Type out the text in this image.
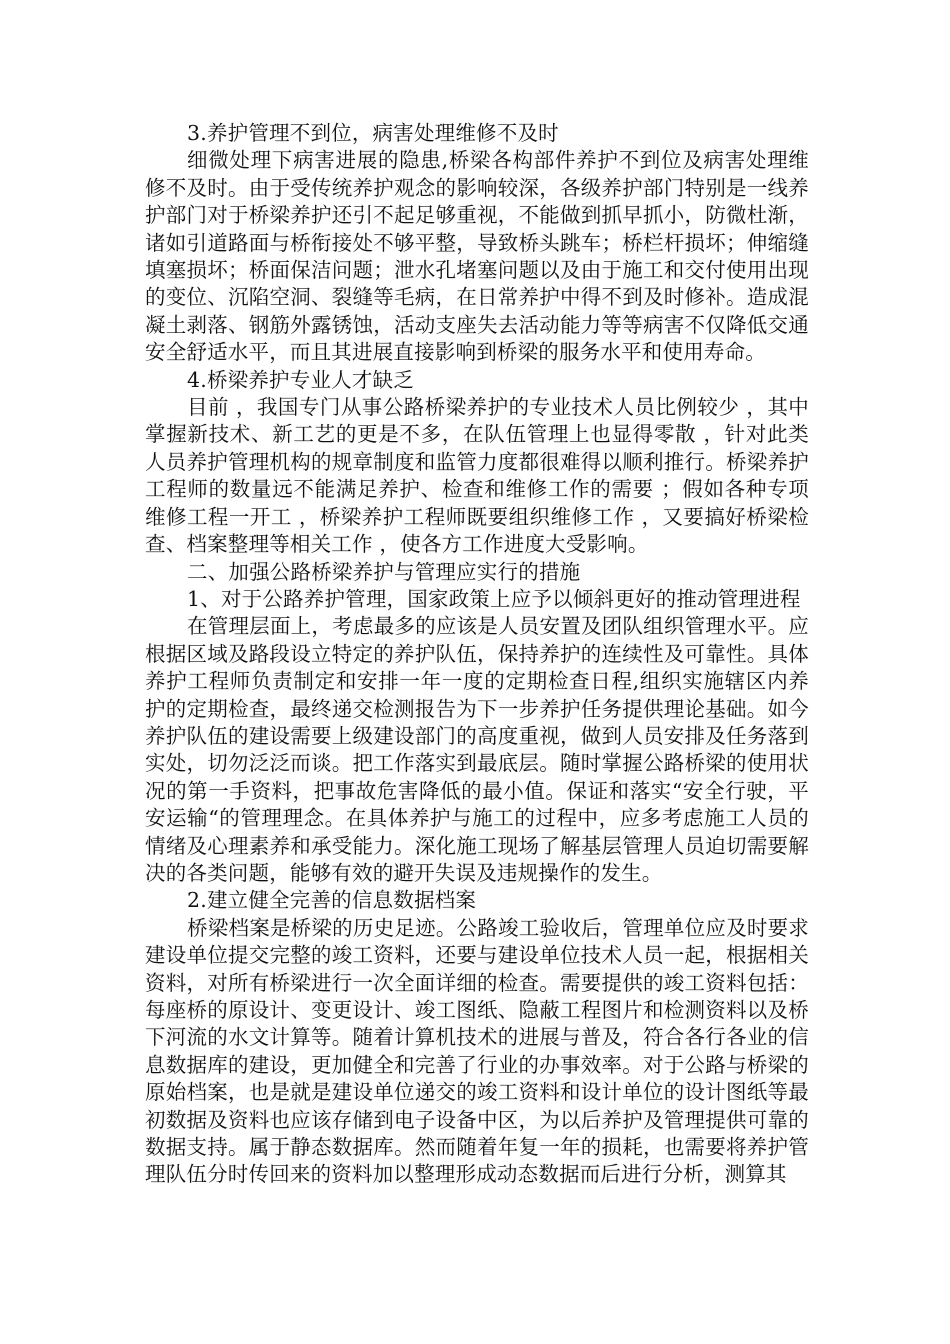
3.养护管理不到位，病害处理维修不及时

细微处理下病害进展的隐患,桥梁各构部件养护不到位及病害处理维修不及时。由于受传统养护观念的影响较深，各级养护部门特别是一线养护部门对于桥梁养护还引不起足够重视，不能做到抓早抓小，防微杜渐，诸如引道路面与桥衔接处不够平整，导致桥头跳车；桥栏杆损坏；伸缩缝填塞损坏；桥面保洁问题；泄水孔堵塞问题以及由于施工和交付使用出现的变位、沉陷空洞、裂缝等毛病，在日常养护中得不到及时修补。造成混凝土剥落、钢筋外露锈蚀，活动支座失去活动能力等等病害不仅降低交通安全舒适水平，而且其进展直接影响到桥梁的服务水平和使用寿命。

4.桥梁养护专业人才缺乏

目前 ，我国专门从事公路桥梁养护的专业技术人员比例较少 ，其中掌握新技术、新工艺的更是不多，在队伍管理上也显得零散 ，针对此类人员养护管理机构的规章制度和监管力度都很难得以顺利推行。桥梁养护工程师的数量远不能满足养护、检查和维修工作的需要 ；假如各种专项维修工程一开工 ，桥梁养护工程师既要组织维修工作 ，又要搞好桥梁检查、档案整理等相关工作 ，使各方工作进度大受影响。

二、加强公路桥梁养护与管理应实行的措施

1、对于公路养护管理，国家政策上应予以倾斜更好的推动管理进程

在管理层面上，考虑最多的应该是人员安置及团队组织管理水平。应根据区域及路段设立特定的养护队伍，保持养护的连续性及可靠性。具体养护工程师负责制定和安排一年一度的定期检查日程,组织实施辖区内养护的定期检查，最终递交检测报告为下一步养护任务提供理论基础。如今养护队伍的建设需要上级建设部门的高度重视，做到人员安排及任务落到实处，切勿泛泛而谈。把工作落实到最底层。随时掌握公路桥梁的使用状况的第一手资料，把事故危害降低的最小值。保证和落实“安全行驶，平安运输“的管理理念。在具体养护与施工的过程中，应多考虑施工人员的情绪及心理素养和承受能力。深化施工现场了解基层管理人员迫切需要解决的各类问题，能够有效的避开失误及违规操作的发生。

2.建立健全完善的信息数据档案

桥梁档案是桥梁的历史足迹。公路竣工验收后，管理单位应及时要求建设单位提交完整的竣工资料，还要与建设单位技术人员一起，根据相关资料，对所有桥梁进行一次全面详细的检查。需要提供的竣工资料包括：每座桥的原设计、变更设计、竣工图纸、隐蔽工程图片和检测资料以及桥下河流的水文计算等。随着计算机技术的进展与普及，符合各行各业的信息数据库的建设，更加健全和完善了行业的办事效率。对于公路与桥梁的原始档案，也是就是建设单位递交的竣工资料和设计单位的设计图纸等最初数据及资料也应该存储到电子设备中区，为以后养护及管理提供可靠的数据支持。属于静态数据库。然而随着年复一年的损耗，也需要将养护管理队伍分时传回来的资料加以整理形成动态数据而后进行分析，测算其
